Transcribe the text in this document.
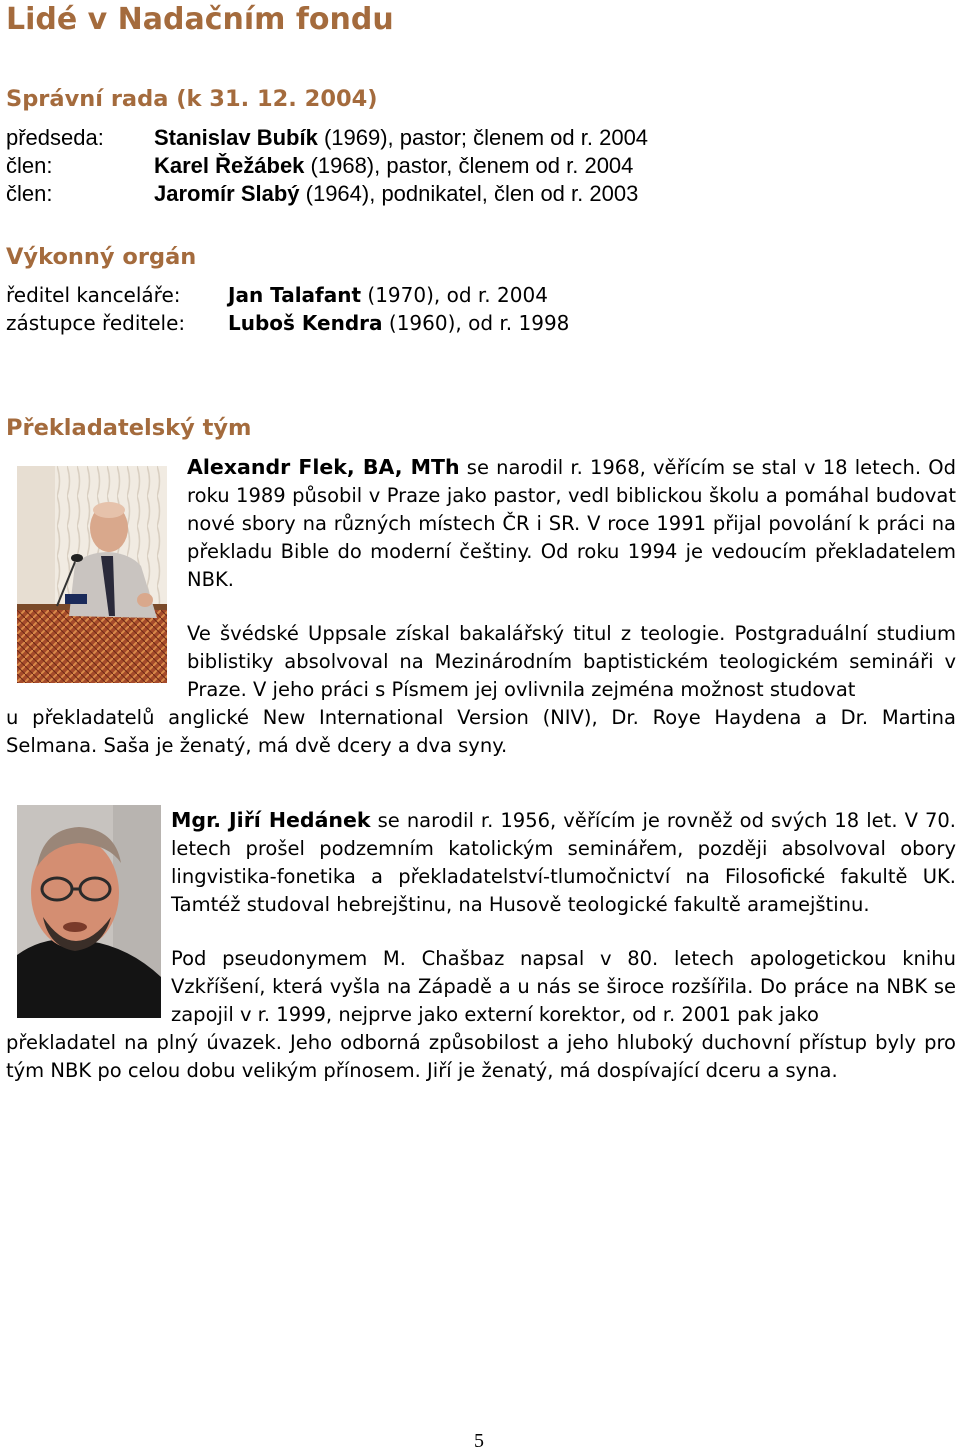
Lidé v Nadačním fondu
Správní rada (k 31. 12. 2004)
předseda: Stanislav Bubík (1969), pastor; členem od r. 2004
člen:	Karel Řežábek (1968), pastor, členem od r. 2004
člen:	Jaromír Slabý (1964), podnikatel, člen od r. 2003
Výkonný orgán
ředitel kanceláře: Jan Talafant (1970), od r. 2004
zástupce ředitele: Luboš Kendra (1960), od r. 1998
Překladatelský tým
Alexandr Flek, BA, MTh se narodil r. 1968, věřícím se stal v 18 letech. Od roku 1989 působil v Praze jako pastor, vedl biblickou školu a pomáhal budovat nové sbory na různých místech ČR i SR. V roce 1991 přijal povolání k práci na překladu Bible do moderní češtiny. Od roku 1994 je vedoucím překladatelem NBK.
Ve švédské Uppsale získal bakalářský titul z teologie. Postgraduální studium biblistiky absolvoval na Mezinárodním baptistickém teologickém semináři v Praze. V jeho práci s Písmem jej ovlivnila zejména možnost studovat
u překladatelů anglické New International Version (NIV), Dr. Roye Haydena a Dr. Martina Selmana. Saša je ženatý, má dvě dcery a dva syny.
Mgr. Jiří Hedánek se narodil r. 1956, věřícím je rovněž od svých 18 let. V 70. letech prošel podzemním katolickým seminářem, později absolvoval obory lingvistika-fonetika a překladatelství-tlumočnictví na Filosofické fakultě UK. Tamtéž studoval hebrejštinu, na Husově teologické fakultě aramejštinu.
Pod pseudonymem M. Chašbaz napsal v 80. letech apologetickou knihu Vzkříšení, která vyšla na Západě a u nás se široce rozšířila. Do práce na NBK se zapojil v r. 1999, nejprve jako externí korektor, od r. 2001 pak jako
překladatel na plný úvazek. Jeho odborná způsobilost a jeho hluboký duchovní přístup byly pro tým NBK po celou dobu velikým přínosem. Jiří je ženatý, má dospívající dceru a syna.
5
